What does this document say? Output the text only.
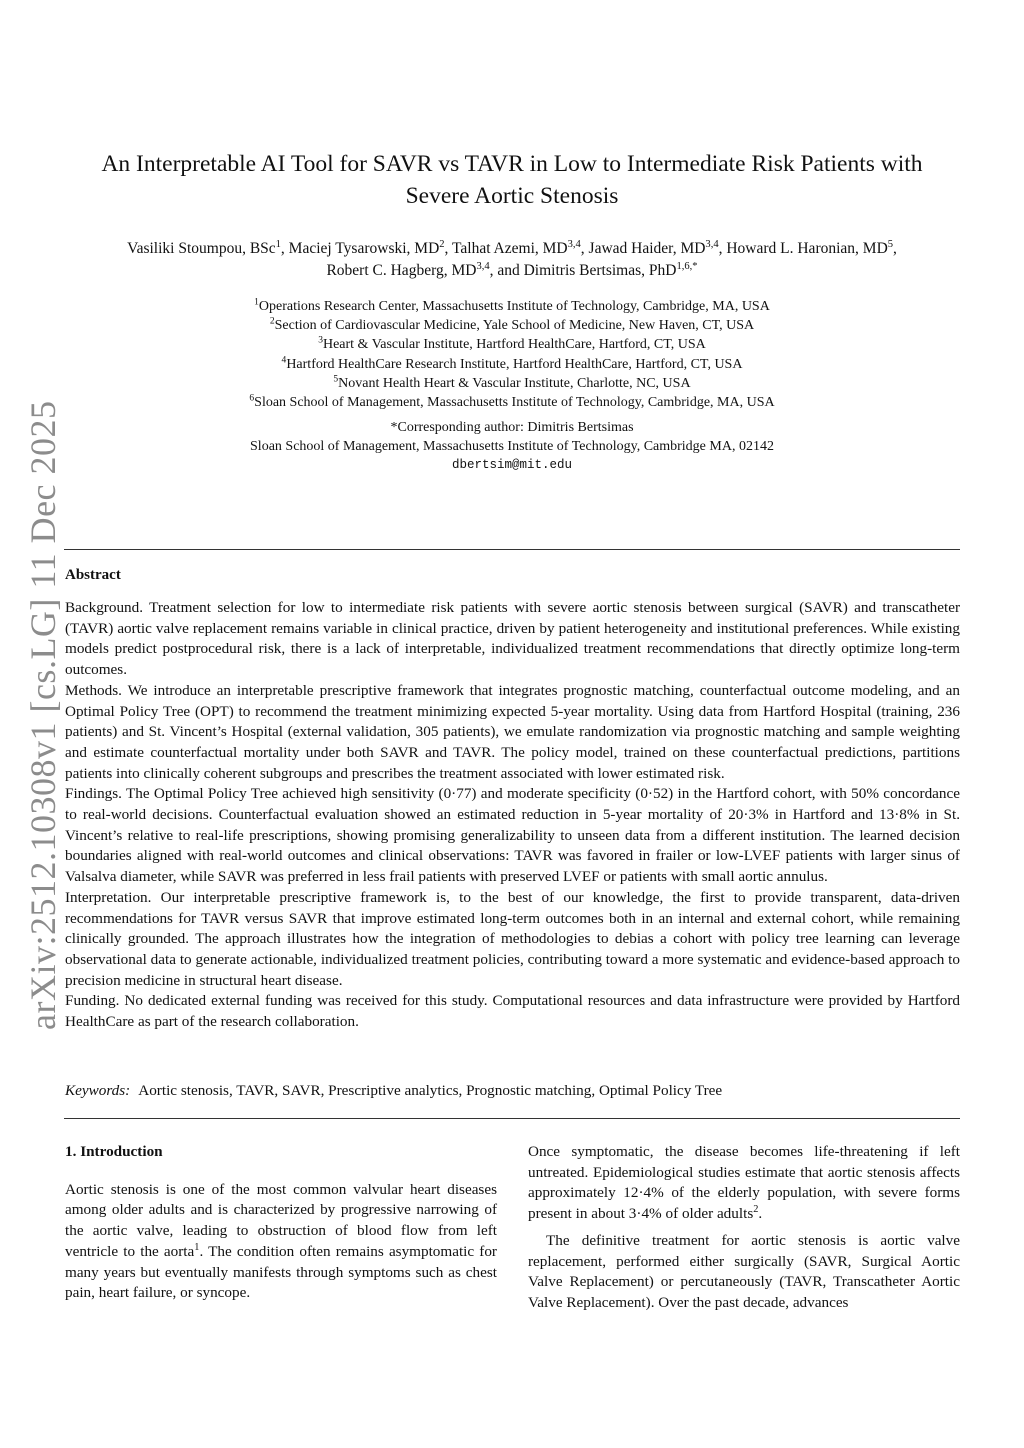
arXiv:2512.10308v1 [cs.LG] 11 Dec 2025
An Interpretable AI Tool for SAVR vs TAVR in Low to Intermediate Risk Patients with
Severe Aortic Stenosis
Vasiliki Stoumpou, BSc$^1$, Maciej Tysarowski, $MD^2$, Talhat Azemi, MD$^{3,4}$, Jawad Haider, MD$^{3,4}$, Howard L. Haronian, $MD^5$,
Robert C. Hagberg, MD$^{3,4}$, and Dimitris Bertsimas, PhD$^{1,6,*}$
$^1$Operations Research Center, Massachusetts Institute of Technology, Cambridge, MA, USA
$^2$Section of Cardiovascular Medicine, Yale School of Medicine, New Haven, CT, USA
$^3$Heart & Vascular Institute, Hartford HealthCare, Hartford, CT, USA
$^4$Hartford HealthCare Research Institute, Hartford HealthCare, Hartford, CT, USA
$^5$Novant Health Heart & Vascular Institute, Charlotte, NC, USA
$^6$Sloan School of Management, Massachusetts Institute of Technology, Cambridge, MA, USA
*Corresponding author: Dimitris Bertsimas
Sloan School of Management, Massachusetts Institute of Technology, Cambridge MA, 02142
dbertsim@mit.edu
Abstract

Background. Treatment selection for low to intermediate risk patients with severe aortic stenosis between surgical (SAVR) and transcatheter (TAVR) aortic valve replacement remains variable in clinical practice, driven by patient heterogeneity and institutional preferences. While existing models predict postprocedural risk, there is a lack of interpretable, individualized treatment recommendations that directly optimize long-term outcomes.

Methods. We introduce an interpretable prescriptive framework that integrates prognostic matching, counterfactual outcome modeling, and an Optimal Policy Tree (OPT) to recommend the treatment minimizing expected 5-year mortality. Using data from Hartford Hospital (training, 236 patients) and St. Vincent’s Hospital (external validation, 305 patients), we emulate randomization via prognostic matching and sample weighting and estimate counterfactual mortality under both SAVR and TAVR. The policy model, trained on these counterfactual predictions, partitions patients into clinically coherent subgroups and prescribes the treatment associated with lower estimated risk.

Findings. The Optimal Policy Tree achieved high sensitivity (0·77) and moderate specificity (0·52) in the Hartford cohort, with 50% concordance to real-world decisions. Counterfactual evaluation showed an estimated reduction in 5-year mortality of 20·3% in Hartford and 13·8% in St. Vincent’s relative to real-life prescriptions, showing promising generalizability to unseen data from a different institution. The learned decision boundaries aligned with real-world outcomes and clinical observations: TAVR was favored in frailer or low-LVEF patients with larger sinus of Valsalva diameter, while SAVR was preferred in less frail patients with preserved LVEF or patients with small aortic annulus.

Interpretation. Our interpretable prescriptive framework is, to the best of our knowledge, the first to provide transparent, data-driven recommendations for TAVR versus SAVR that improve estimated long-term outcomes both in an internal and external cohort, while remaining clinically grounded. The approach illustrates how the integration of methodologies to debias a cohort with policy tree learning can leverage observational data to generate actionable, individualized treatment policies, contributing toward a more systematic and evidence-based approach to precision medicine in structural heart disease.

Funding. No dedicated external funding was received for this study. Computational resources and data infrastructure were provided by Hartford HealthCare as part of the research collaboration.

Keywords: Aortic stenosis, TAVR, SAVR, Prescriptive analytics, Prognostic matching, Optimal Policy Tree
1. Introduction

Aortic stenosis is one of the most common valvular heart diseases among older adults and is characterized by progressive narrowing of the aortic valve, leading to obstruction of blood flow from left ventricle to the aorta$^1$. The condition often remains asymptomatic for many years but eventually manifests through symptoms such as chest pain, heart failure, or syncope.

Once symptomatic, the disease becomes life-threatening if left untreated. Epidemiological studies estimate that aortic stenosis affects approximately 12·4% of the elderly population, with severe forms present in about 3·4% of older adults$^2$.

The definitive treatment for aortic stenosis is aortic valve replacement, performed either surgically (SAVR, Surgical Aortic Valve Replacement) or percutaneously (TAVR, Transcatheter Aortic Valve Replacement). Over the past decade, advances
